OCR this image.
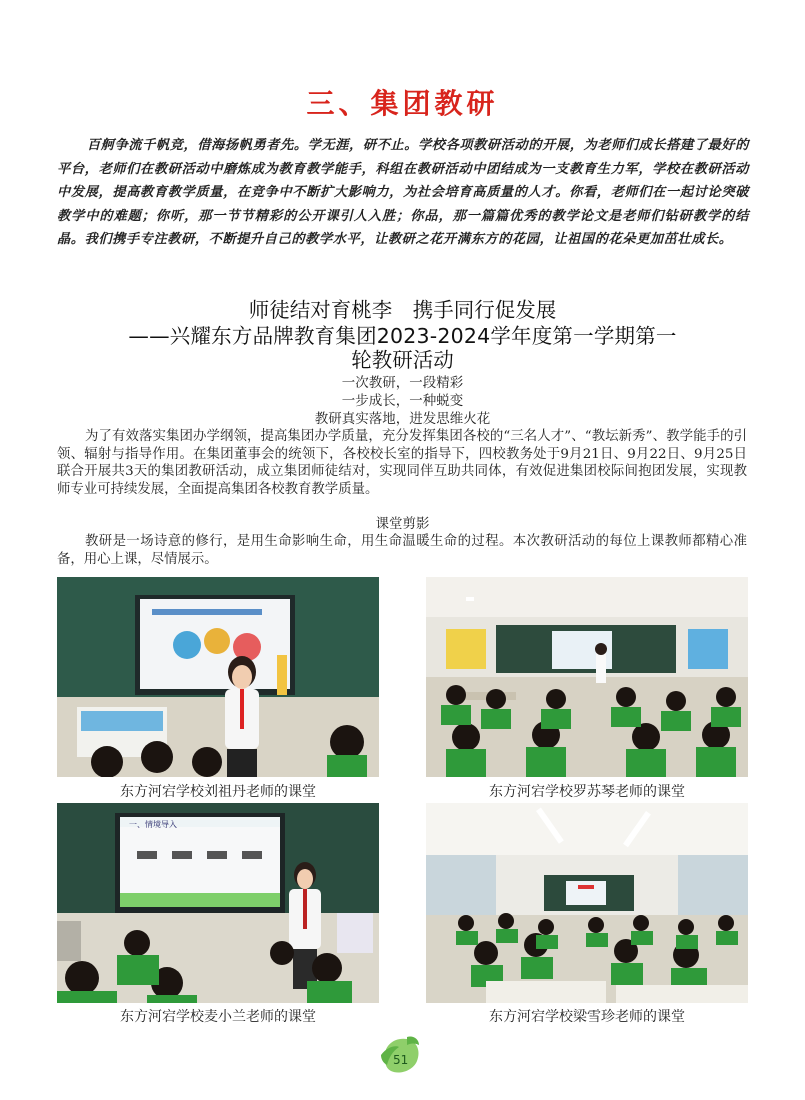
三、集团教研
百舸争流千帆竞，借海扬帆勇者先。学无涯，研不止。学校各项教研活动的开展，为老师们成长搭建了最好的平台，老师们在教研活动中磨炼成为教育教学能手，科组在教研活动中团结成为一支教育生力军，学校在教研活动中发展，提高教育教学质量，在竞争中不断扩大影响力，为社会培育高质量的人才。你看，老师们在一起讨论突破教学中的难题；你听，那一节节精彩的公开课引人入胜；你品，那一篇篇优秀的教学论文是老师们钻研教学的结晶。我们携手专注教研，不断提升自己的教学水平，让教研之花开满东方的花园，让祖国的花朵更加茁壮成长。
师徒结对育桃李　携手同行促发展
——兴耀东方品牌教育集团2023-2024学年度第一学期第一
轮教研活动
一次教研，一段精彩
一步成长，一种蜕变
教研真实落地，进发思维火花
为了有效落实集团办学纲领，提高集团办学质量，充分发挥集团各校的“三名人才”、“教坛新秀”、教学能手的引领、辐射与指导作用。在集团董事会的统领下，各校校长室的指导下，四校教务处于9月21日、9月22日、9月25日联合开展共3天的集团教研活动，成立集团师徒结对，实现同伴互助共同体，有效促进集团校际间抱团发展，实现教师专业可持续发展，全面提高集团各校教育教学质量。
课堂剪影
教研是一场诗意的修行，是用生命影响生命，用生命温暖生命的过程。本次教研活动的每位上课教师都精心准备，用心上课，尽情展示。
东方河宕学校刘祖丹老师的课堂	东方河宕学校罗苏琴老师的课堂
一、情境导入
东方河宕学校麦小兰老师的课堂	东方河宕学校梁雪珍老师的课堂
51
